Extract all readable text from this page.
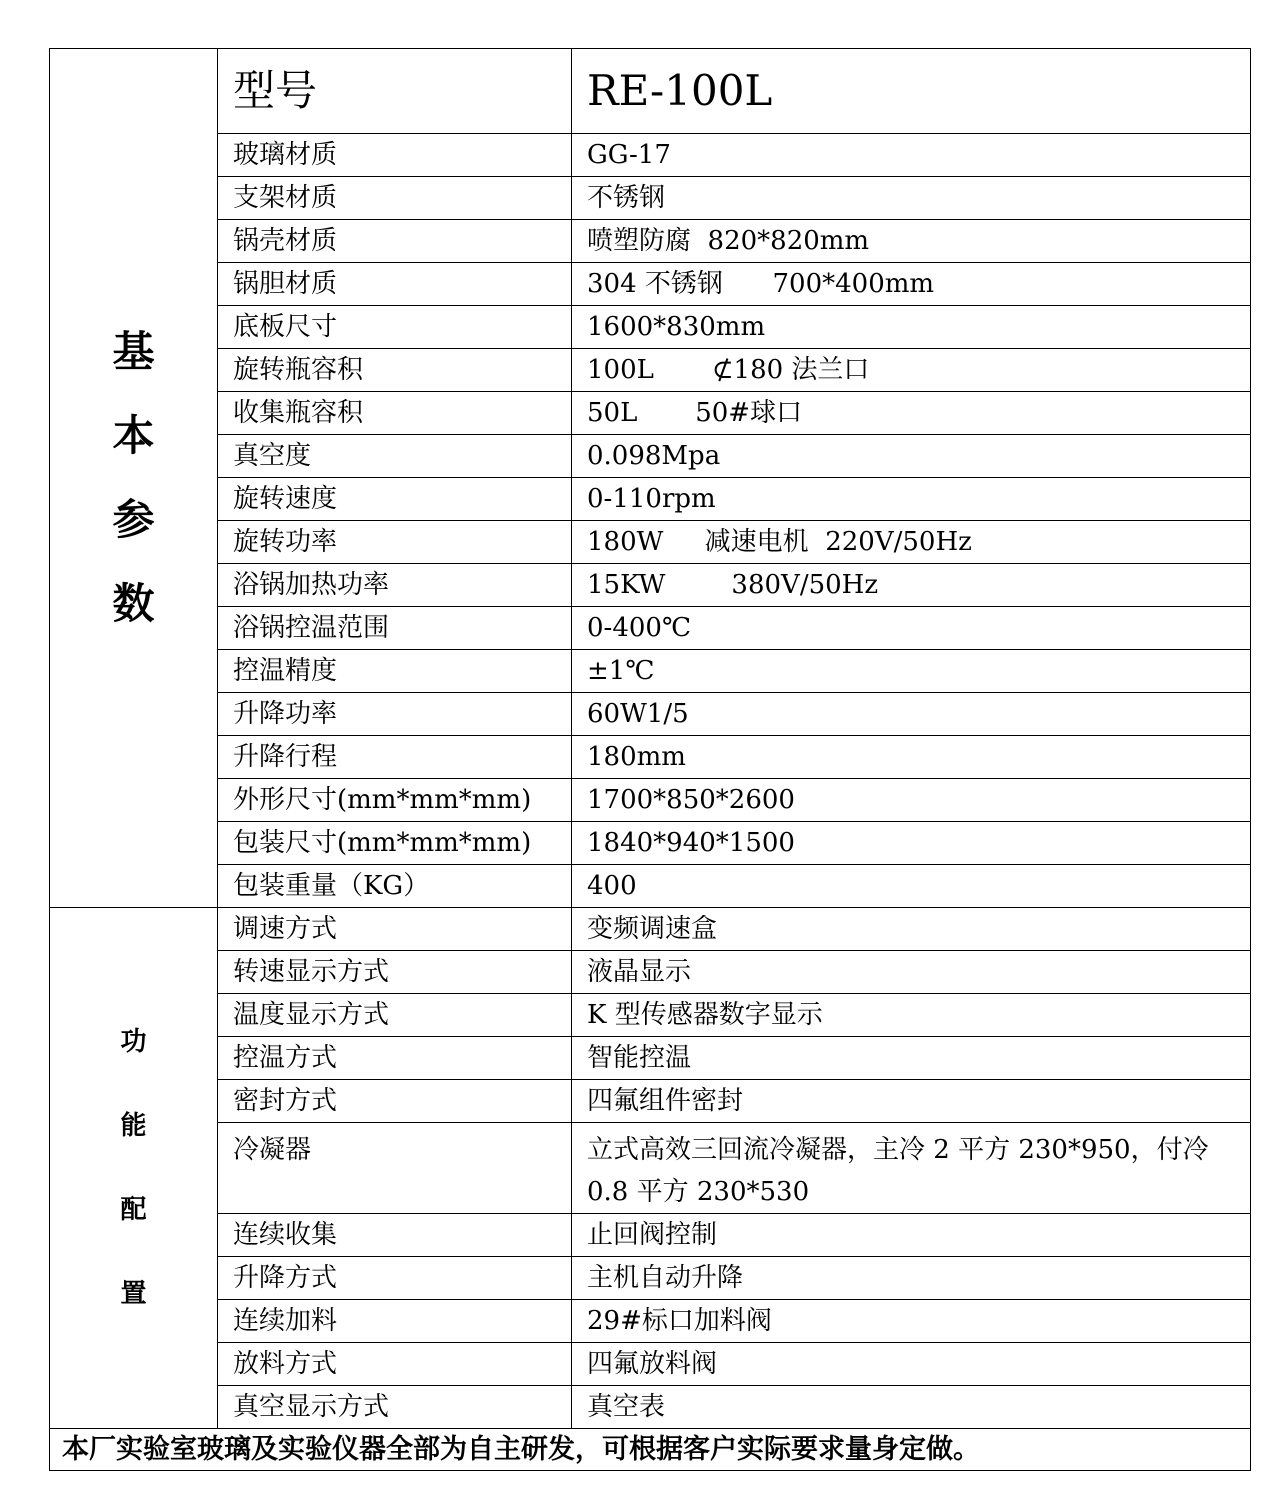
基
本
参
数	型号	RE-100L
	玻璃材质	GG-17
	支架材质	不锈钢
	锅壳材质	喷塑防腐  820*820mm
	锅胆材质	304 不锈钢      700*400mm
	底板尺寸	1600*830mm
	旋转瓶容积	100L       ⊄180 法兰口
	收集瓶容积	50L       50#球口
	真空度	0.098Mpa
	旋转速度	0-110rpm
	旋转功率	180W     减速电机  220V/50Hz
	浴锅加热功率	15KW        380V/50Hz
	浴锅控温范围	0-400℃
	控温精度	±1℃
	升降功率	60W1/5
	升降行程	180mm
	外形尺寸(mm*mm*mm)	1700*850*2600
	包装尺寸(mm*mm*mm)	1840*940*1500
	包装重量（KG）	400

功
能
配
置	调速方式	变频调速盒
	转速显示方式	液晶显示
	温度显示方式	K 型传感器数字显示
	控温方式	智能控温
	密封方式	四氟组件密封
	冷凝器	立式高效三回流冷凝器，主冷 2 平方 230*950，付冷 0.8 平方 230*530
	连续收集	止回阀控制
	升降方式	主机自动升降
	连续加料	29#标口加料阀
	放料方式	四氟放料阀
	真空显示方式	真空表
本厂实验室玻璃及实验仪器全部为自主研发，可根据客户实际要求量身定做。		
